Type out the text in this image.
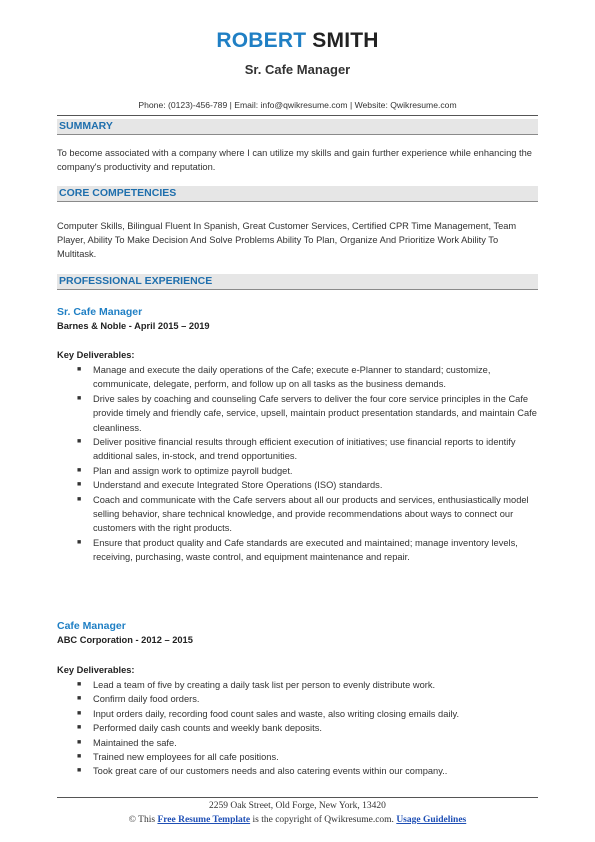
ROBERT SMITH
Sr. Cafe Manager
Phone: (0123)-456-789 | Email: info@qwikresume.com | Website: Qwikresume.com
SUMMARY
To become associated with a company where I can utilize my skills and gain further experience while enhancing the company's productivity and reputation.
CORE COMPETENCIES
Computer Skills, Bilingual Fluent In Spanish, Great Customer Services, Certified CPR Time Management, Team Player, Ability To Make Decision And Solve Problems Ability To Plan, Organize And Prioritize Work Ability To Multitask.
PROFESSIONAL EXPERIENCE
Sr. Cafe Manager
Barnes & Noble - April 2015 – 2019
Key Deliverables:
■ Manage and execute the daily operations of the Cafe; execute e-Planner to standard; customize, communicate, delegate, perform, and follow up on all tasks as the business demands.
■ Drive sales by coaching and counseling Cafe servers to deliver the four core service principles in the Cafe provide timely and friendly cafe, service, upsell, maintain product presentation standards, and maintain Cafe cleanliness.
■ Deliver positive financial results through efficient execution of initiatives; use financial reports to identify additional sales, in-stock, and trend opportunities.
■ Plan and assign work to optimize payroll budget.
■ Understand and execute Integrated Store Operations (ISO) standards.
■ Coach and communicate with the Cafe servers about all our products and services, enthusiastically model selling behavior, share technical knowledge, and provide recommendations about ways to connect our customers with the right products.
■ Ensure that product quality and Cafe standards are executed and maintained; manage inventory levels, receiving, purchasing, waste control, and equipment maintenance and repair.
Cafe Manager
ABC Corporation - 2012 – 2015
Key Deliverables:
■ Lead a team of five by creating a daily task list per person to evenly distribute work.
■ Confirm daily food orders.
■ Input orders daily, recording food count sales and waste, also writing closing emails daily.
■ Performed daily cash counts and weekly bank deposits.
■ Maintained the safe.
■ Trained new employees for all cafe positions.
■ Took great care of our customers needs and also catering events within our company..
2259 Oak Street, Old Forge, New York, 13420
© This Free Resume Template is the copyright of Qwikresume.com. Usage Guidelines
